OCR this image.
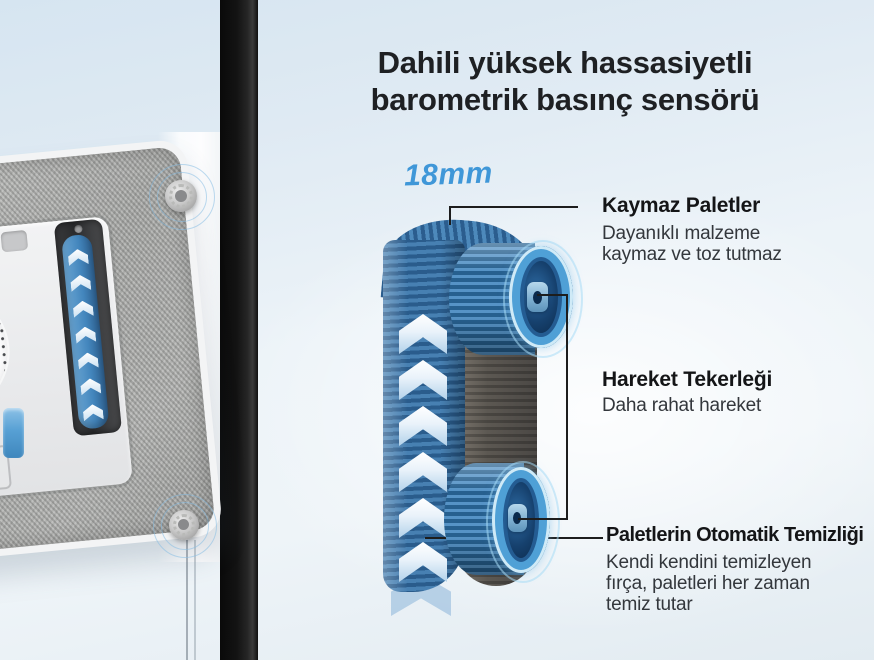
Dahili yüksek hassasiyetli
barometrik basınç sensörü
18mm
Kaymaz Paletler
Dayanıklı malzeme
kaymaz ve toz tutmaz
Hareket Tekerleği
Daha rahat hareket
Paletlerin Otomatik Temizliği
Kendi kendini temizleyen
fırça, paletleri her zaman
temiz tutar
